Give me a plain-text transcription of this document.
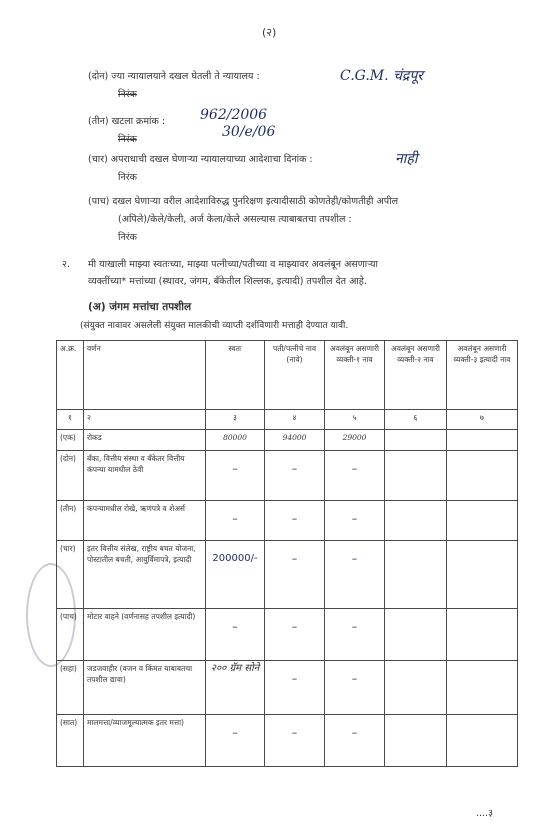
(२)
(दोन) ज्या न्यायालयाने दखल घेतली ते न्यायालय :	C.G.M. चंद्रपूर
निरंक
(तीन) खटला क्रमांक : 962/2006
30/e/06
निरंक
(चार) अपराधाची दखल घेणाऱ्या न्यायालयाच्या आदेशाचा दिनांक :	नाही
निरंक
(पाच) दखल घेणाऱ्या वरील आदेशाविरुद्ध पुनरिक्षण इत्यादीसाठी कोणतेही/कोणतीही अपील
(अपिले)/केले/केली, अर्ज केला/केले असल्यास त्याबाबतचा तपशील :
निरंक
२. मी याखाली माझ्या स्वतःच्या, माझ्या पत्नीच्या/पतीच्या व माझ्यावर अवलंबून असणाऱ्या
व्यक्तींच्या* मत्तांच्या (स्थावर, जंगम, बँकेतील शिल्लक, इत्यादी) तपशील देत आहे.
(अ) जंगम मत्तांचा तपशील
(संयुक्त नावावर असलेली संयुक्त मालकीची व्याप्ती दर्शविणारी मत्ताही देण्यात यावी.
अ.क्र.	वर्णन	स्वतः	पती/पत्नीचे नाव (नावे)	अवलंबून असणारी व्यक्ती-१ नाव	अवलंबून असणारी व्यक्ती-२ नाव	अवलंबून असणारी व्यक्ती-३ इत्यादी नाव
१	२	३	४	५	६	७
(एक)	रोकड	80000	94000	29000		
(दोन)	बँका, वित्तीय संस्था व बँकेतर वित्तीय कंपन्या यामधील ठेवी	–	–	–		

(तीन)	कंपन्यामधील रोखे, ऋणपत्रे व शेअर्स	–	–	–		

(चार)	इतर वित्तीय संलेख, राष्ट्रीय बचत योजना, पोस्टातील बचती, आयुर्विमापत्रे, इत्यादी	200000/-	–	–		

(पाच)	मोटार वाहने (वर्णनासह तपशील इत्यादी)	–	–	–		

(सहा)	जडजवाहीर (वजन व किंमत याबाबतचा तपशील द्यावा)	२०० ग्रॅम सोने	–	–		

(सात)	मालमत्ता/व्याजमूल्यात्मक इतर मत्ता)	–	–	–		

....३
